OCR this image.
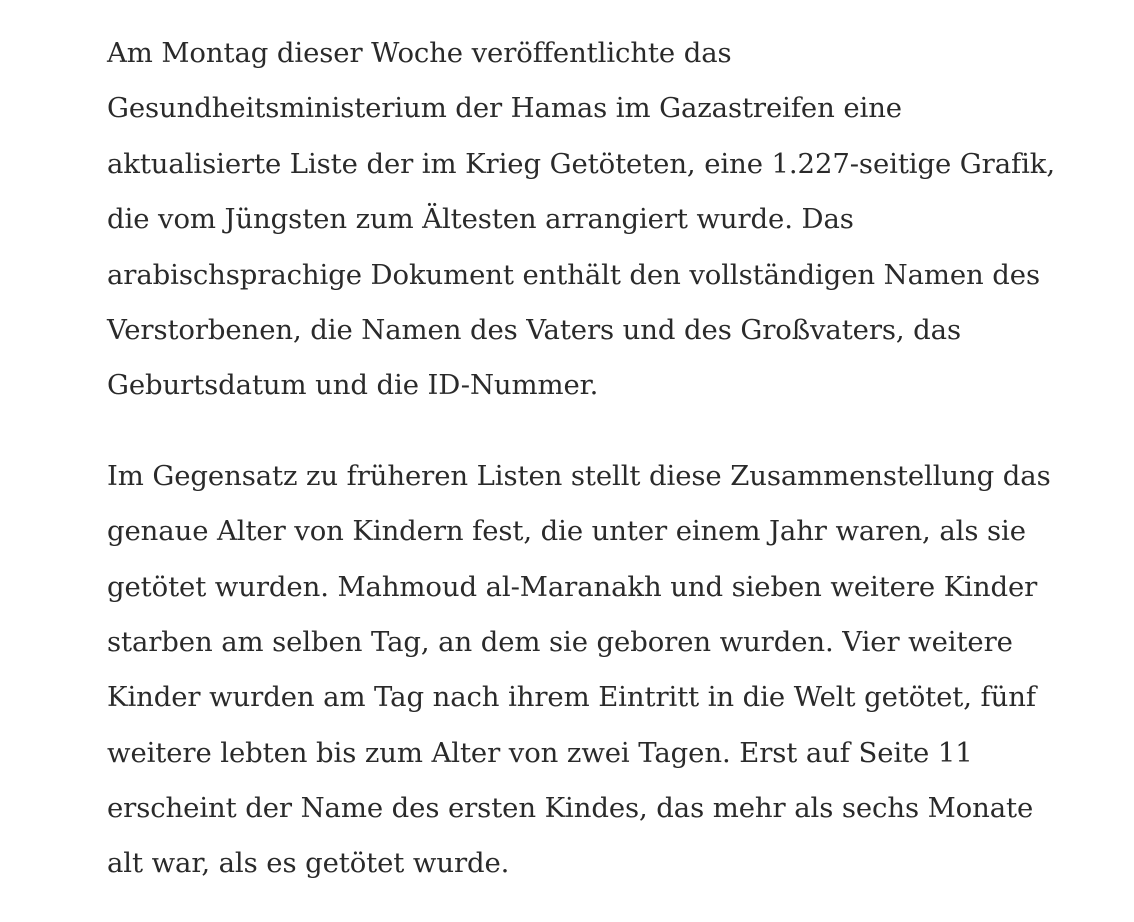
Am Montag dieser Woche veröffentlichte das
Gesundheitsministerium der Hamas im Gazastreifen eine
aktualisierte Liste der im Krieg Getöteten, eine 1.227-seitige Grafik,
die vom Jüngsten zum Ältesten arrangiert wurde. Das
arabischsprachige Dokument enthält den vollständigen Namen des
Verstorbenen, die Namen des Vaters und des Großvaters, das
Geburtsdatum und die ID-Nummer.

Im Gegensatz zu früheren Listen stellt diese Zusammenstellung das
genaue Alter von Kindern fest, die unter einem Jahr waren, als sie
getötet wurden. Mahmoud al-Maranakh und sieben weitere Kinder
starben am selben Tag, an dem sie geboren wurden. Vier weitere
Kinder wurden am Tag nach ihrem Eintritt in die Welt getötet, fünf
weitere lebten bis zum Alter von zwei Tagen. Erst auf Seite 11
erscheint der Name des ersten Kindes, das mehr als sechs Monate
alt war, als es getötet wurde.
